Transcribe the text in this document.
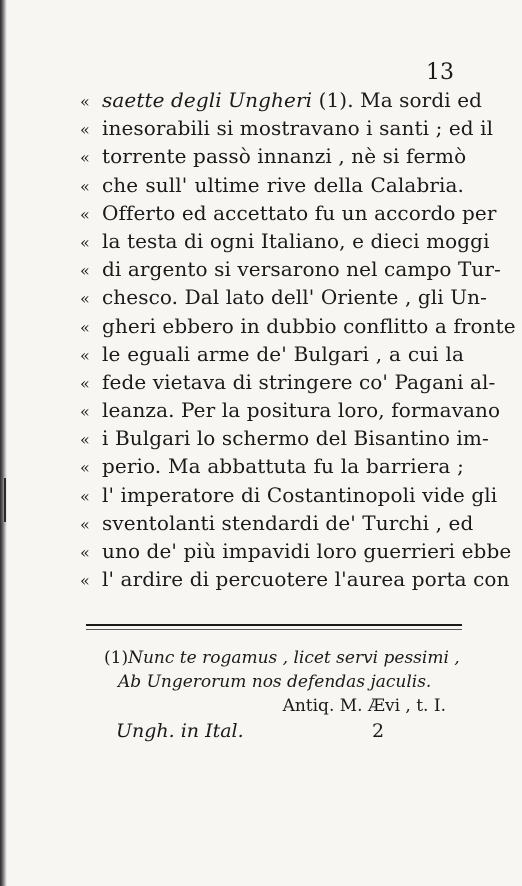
13
« saette degli Ungheri (1). Ma sordi ed
« inesorabili si mostravano i santi ; ed il
« torrente passò innanzi , nè si fermò
« che sull' ultime rive della Calabria.
« Offerto ed accettato fu un accordo per
« la testa di ogni Italiano, e dieci moggi
« di argento si versarono nel campo Tur-
« chesco. Dal lato dell' Oriente , gli Un-
« gheri ebbero in dubbio conflitto a fronte
« le eguali arme de' Bulgari , a cui la
« fede vietava di stringere co' Pagani al-
« leanza. Per la positura loro, formavano
« i Bulgari lo schermo del Bisantino im-
« perio. Ma abbattuta fu la barriera ;
« l' imperatore di Costantinopoli vide gli
« sventolanti stendardi de' Turchi , ed
« uno de' più impavidi loro guerrieri ebbe
« l' ardire di percuotere l'aurea porta con
(1)Nunc te rogamus , licet servi pessimi ,
Ab Ungerorum nos defendas jaculis.
Antiq. M. Ævi , t. I.
Ungh. in Ital.	2
